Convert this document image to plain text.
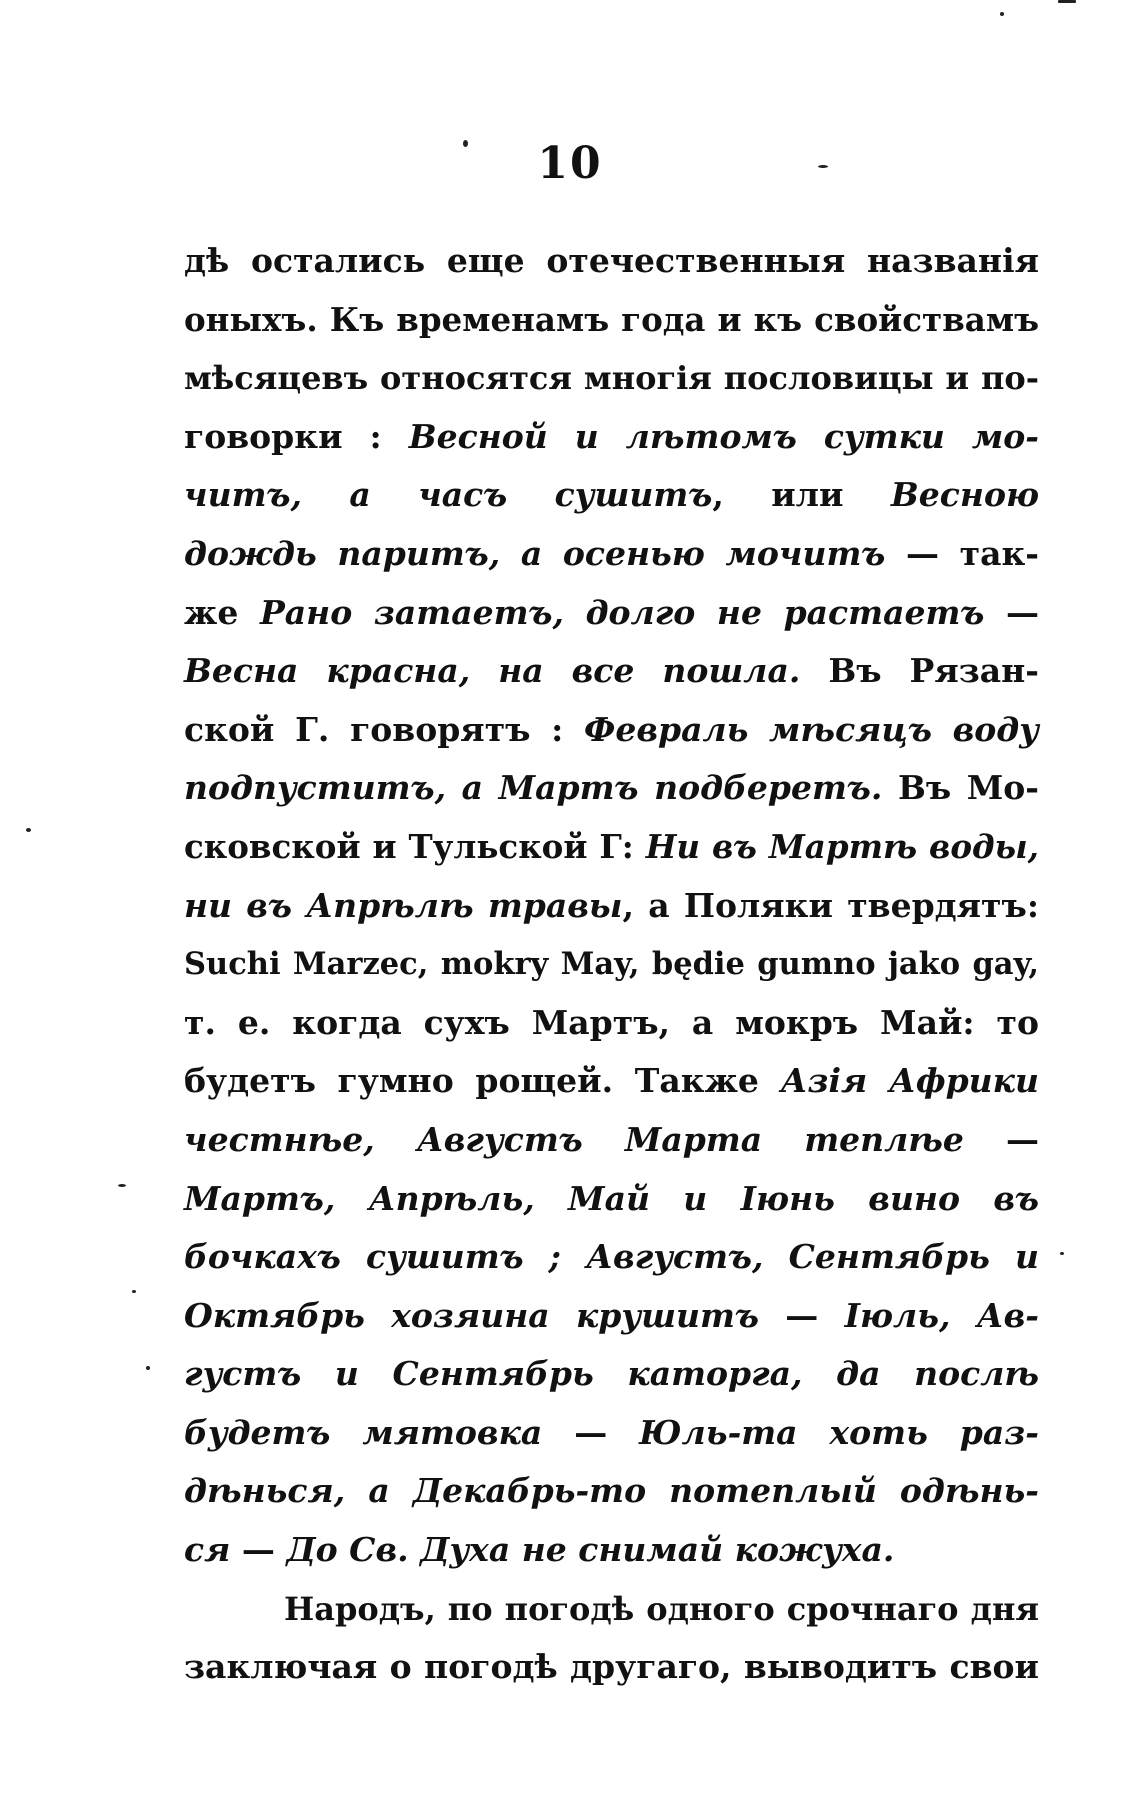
10
дѣ остались еще отечественныя названія
оныхъ. Къ временамъ года и къ свойствамъ
мѣсяцевъ относятся многія пословицы и по-
говорки : Весной и лѣтомъ сутки мо-
читъ, а часъ сушитъ, или Весною
дождь паритъ, а осенью мочитъ — так-
же Рано затаетъ, долго не растаетъ —
Весна красна, на все пошла. Въ Рязан-
ской Г. говорятъ : Февраль мѣсяцъ воду
подпуститъ, а Мартъ подберетъ. Въ Мо-
сковской и Тульской Г: Ни въ Мартѣ воды,
ни въ Апрѣлѣ травы, а Поляки твердятъ:
Suchi Marzec, mokry May, będie gumno jako gay,
т. е. когда сухъ Мартъ, а мокръ Май: то
будетъ гумно рощей. Также Азія Африки
честнѣе, Августъ Марта теплѣе —
Мартъ, Апрѣль, Май и Іюнь вино въ
бочкахъ сушитъ ; Августъ, Сентябрь и
Октябрь хозяина крушитъ — Іюль, Ав-
густъ и Сентябрь каторга, да послѣ
будетъ мятовка — Юль-та хоть раз-
дѣнься, а Декабрь-то потеплый одѣнь-
ся — До Св. Духа не снимай кожуха.
Народъ, по погодѣ одного срочнаго дня
заключая о погодѣ другаго, выводитъ свои
